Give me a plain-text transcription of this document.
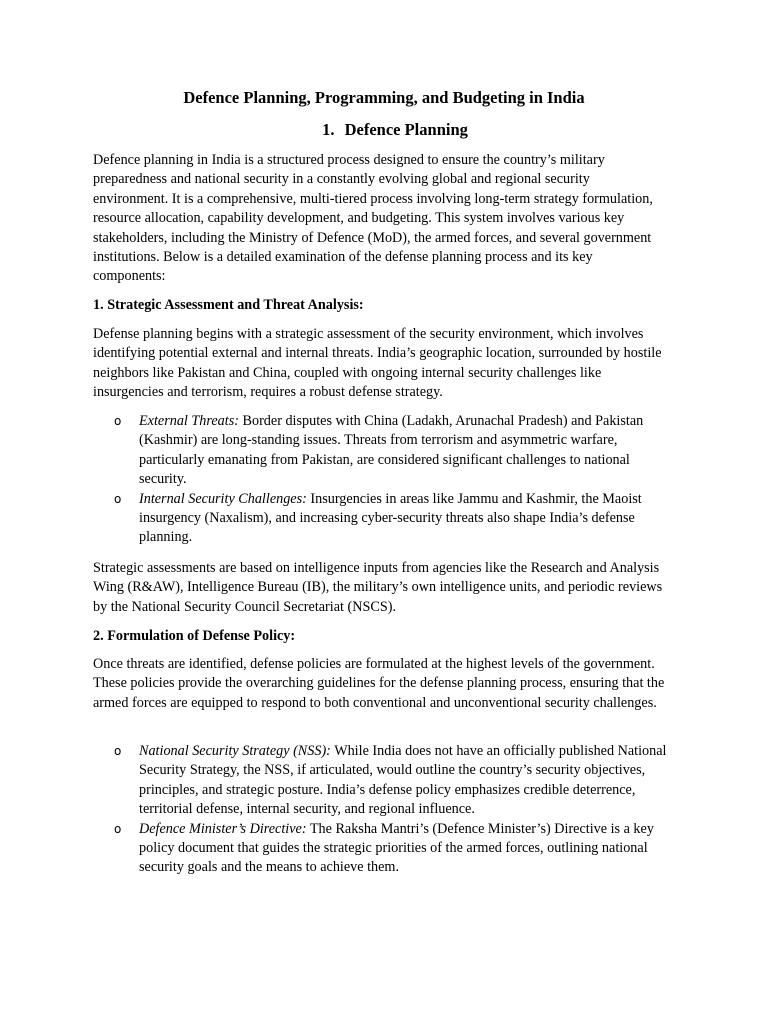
Defence Planning, Programming, and Budgeting in India
1. Defence Planning

Defence planning in India is a structured process designed to ensure the country’s military preparedness and national security in a constantly evolving global and regional security environment. It is a comprehensive, multi-tiered process involving long-term strategy formulation, resource allocation, capability development, and budgeting. This system involves various key stakeholders, including the Ministry of Defence (MoD), the armed forces, and several government institutions. Below is a detailed examination of the defense planning process and its key components:

1. Strategic Assessment and Threat Analysis:

Defense planning begins with a strategic assessment of the security environment, which involves identifying potential external and internal threats. India’s geographic location, surrounded by hostile neighbors like Pakistan and China, coupled with ongoing internal security challenges like insurgencies and terrorism, requires a robust defense strategy.

o External Threats: Border disputes with China (Ladakh, Arunachal Pradesh) and Pakistan (Kashmir) are long-standing issues. Threats from terrorism and asymmetric warfare, particularly emanating from Pakistan, are considered significant challenges to national security.
o Internal Security Challenges: Insurgencies in areas like Jammu and Kashmir, the Maoist insurgency (Naxalism), and increasing cyber-security threats also shape India’s defense planning.

Strategic assessments are based on intelligence inputs from agencies like the Research and Analysis Wing (R&AW), Intelligence Bureau (IB), the military’s own intelligence units, and periodic reviews by the National Security Council Secretariat (NSCS).

2. Formulation of Defense Policy:

Once threats are identified, defense policies are formulated at the highest levels of the government. These policies provide the overarching guidelines for the defense planning process, ensuring that the armed forces are equipped to respond to both conventional and unconventional security challenges.

o National Security Strategy (NSS): While India does not have an officially published National Security Strategy, the NSS, if articulated, would outline the country’s security objectives, principles, and strategic posture. India’s defense policy emphasizes credible deterrence, territorial defense, internal security, and regional influence.
o Defence Minister’s Directive: The Raksha Mantri’s (Defence Minister’s) Directive is a key policy document that guides the strategic priorities of the armed forces, outlining national security goals and the means to achieve them.
